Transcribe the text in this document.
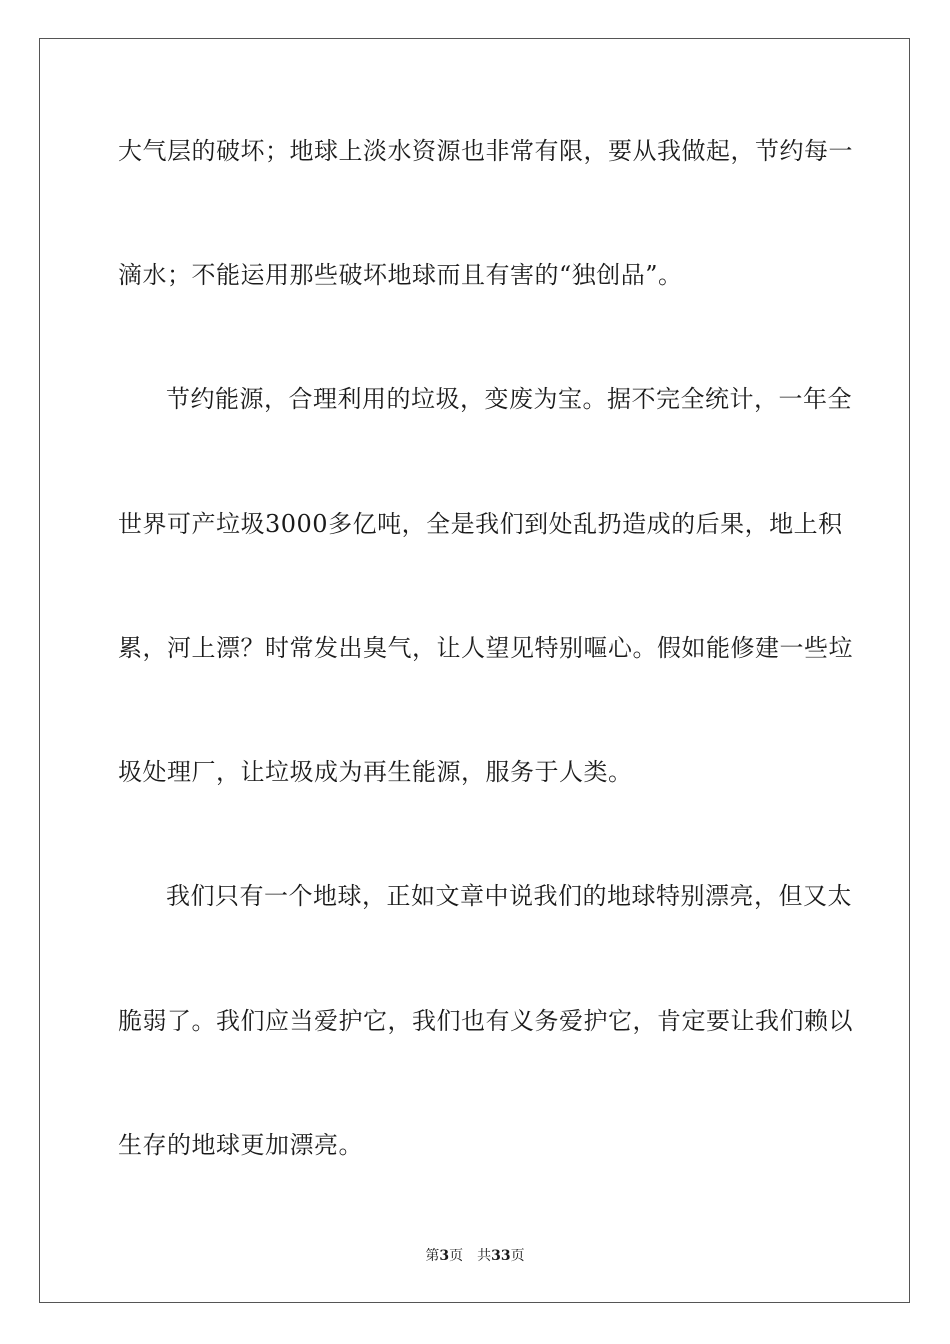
大气层的破坏；地球上淡水资源也非常有限，要从我做起，节约每一
滴水；不能运用那些破坏地球而且有害的“独创品”。
节约能源，合理利用的垃圾，变废为宝。据不完全统计，一年全
世界可产垃圾3000多亿吨，全是我们到处乱扔造成的后果，地上积
累，河上漂？时常发出臭气，让人望见特别嘔心。假如能修建一些垃
圾处理厂，让垃圾成为再生能源，服务于人类。
我们只有一个地球，正如文章中说我们的地球特别漂亮，但又太
脆弱了。我们应当爱护它，我们也有义务爱护它，肯定要让我们赖以
生存的地球更加漂亮。
第3页 共33页
